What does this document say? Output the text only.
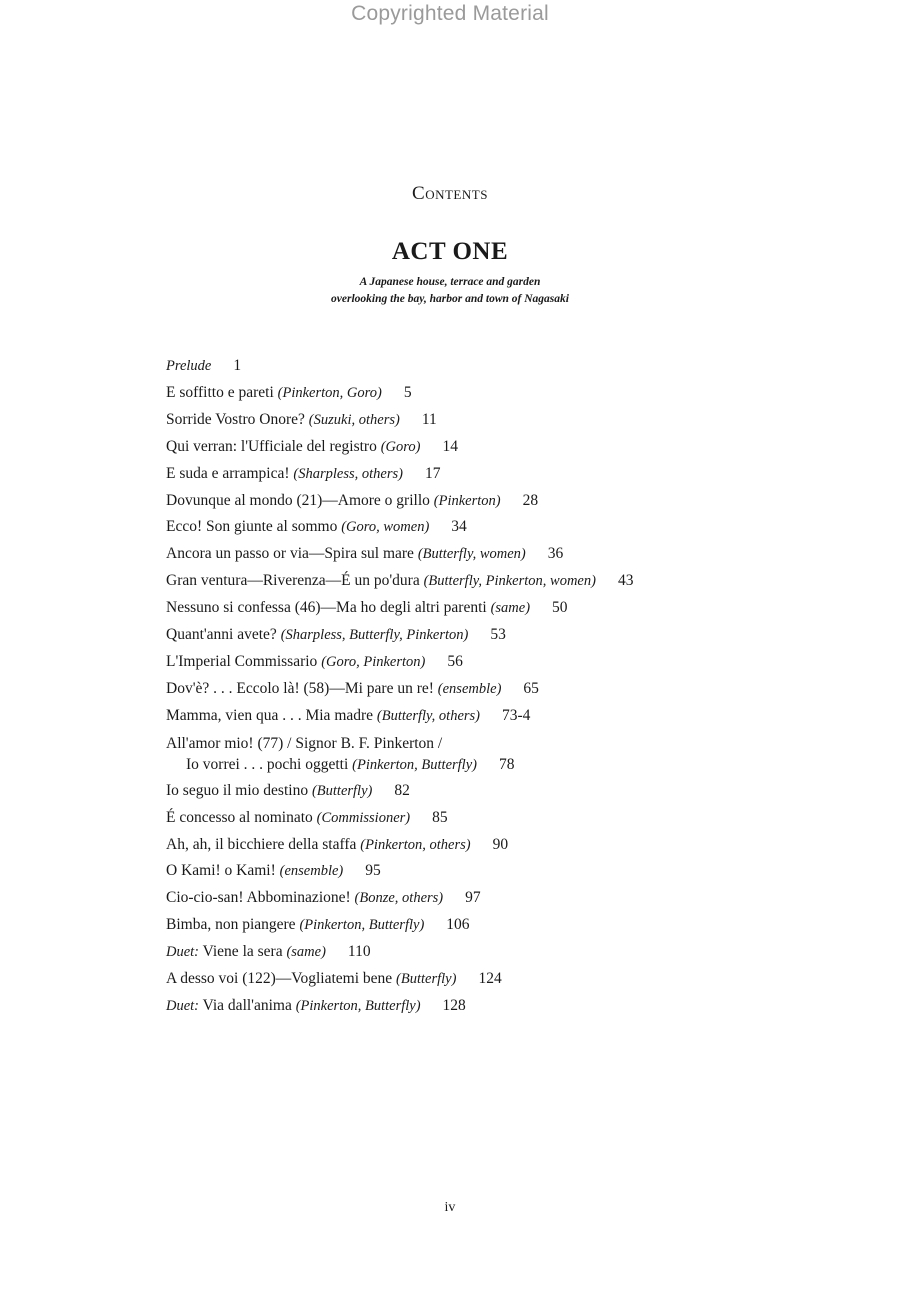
Copyrighted Material
Contents
ACT ONE
A Japanese house, terrace and garden
overlooking the bay, harbor and town of Nagasaki
Prelude 1
E soffitto e pareti (Pinkerton, Goro) 5
Sorride Vostro Onore? (Suzuki, others) 11
Qui verran: l'Ufficiale del registro (Goro) 14
E suda e arrampica! (Sharpless, others) 17
Dovunque al mondo (21)—Amore o grillo (Pinkerton) 28
Ecco! Son giunte al sommo (Goro, women) 34
Ancora un passo or via—Spira sul mare (Butterfly, women) 36
Gran ventura—Riverenza—É un po'dura (Butterfly, Pinkerton, women) 43
Nessuno si confessa (46)—Ma ho degli altri parenti (same) 50
Quant'anni avete? (Sharpless, Butterfly, Pinkerton) 53
L'Imperial Commissario (Goro, Pinkerton) 56
Dov'è? . . . Eccolo là! (58)—Mi pare un re! (ensemble) 65
Mamma, vien qua . . . Mia madre (Butterfly, others) 73-4
All'amor mio! (77) / Signor B. F. Pinkerton /
Io vorrei . . . pochi oggetti (Pinkerton, Butterfly) 78
Io seguo il mio destino (Butterfly) 82
É concesso al nominato (Commissioner) 85
Ah, ah, il bicchiere della staffa (Pinkerton, others) 90
O Kami! o Kami! (ensemble) 95
Cio-cio-san! Abbominazione! (Bonze, others) 97
Bimba, non piangere (Pinkerton, Butterfly) 106
Duet: Viene la sera (same) 110
A desso voi (122)—Vogliatemi bene (Butterfly) 124
Duet: Via dall'anima (Pinkerton, Butterfly) 128
iv
